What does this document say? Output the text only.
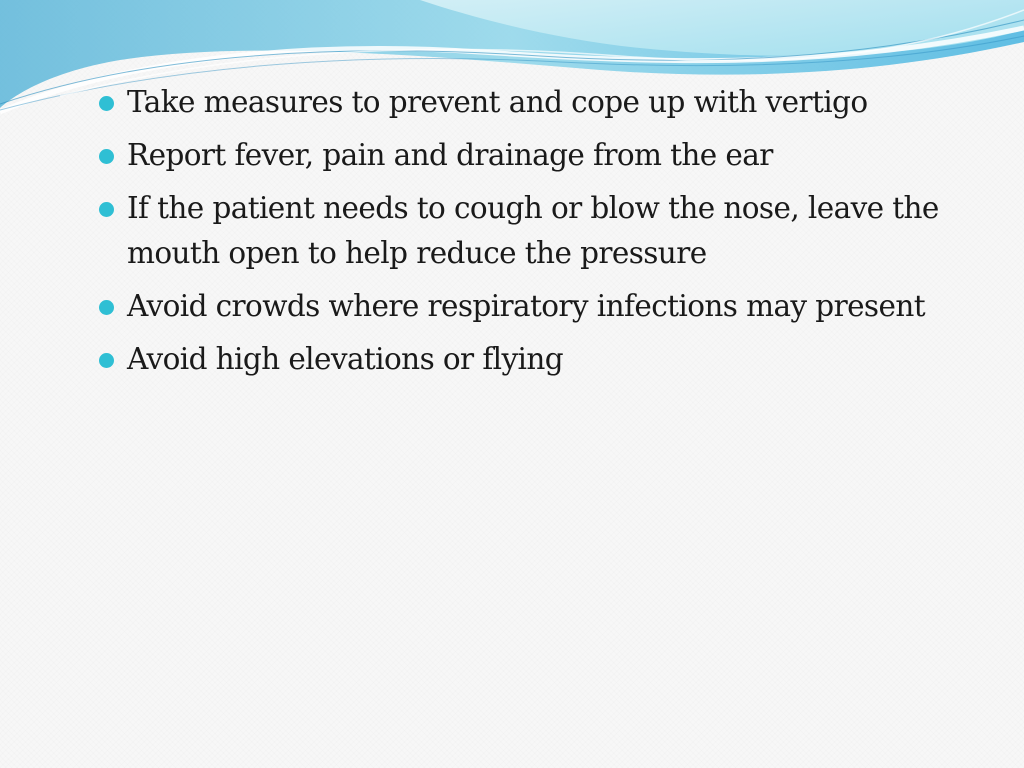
Take measures to prevent and cope up with vertigo
Report fever, pain and drainage from the ear
If the patient needs to cough or blow the nose, leave the mouth open to help reduce the pressure
Avoid crowds where respiratory infections may present
Avoid high elevations or flying
